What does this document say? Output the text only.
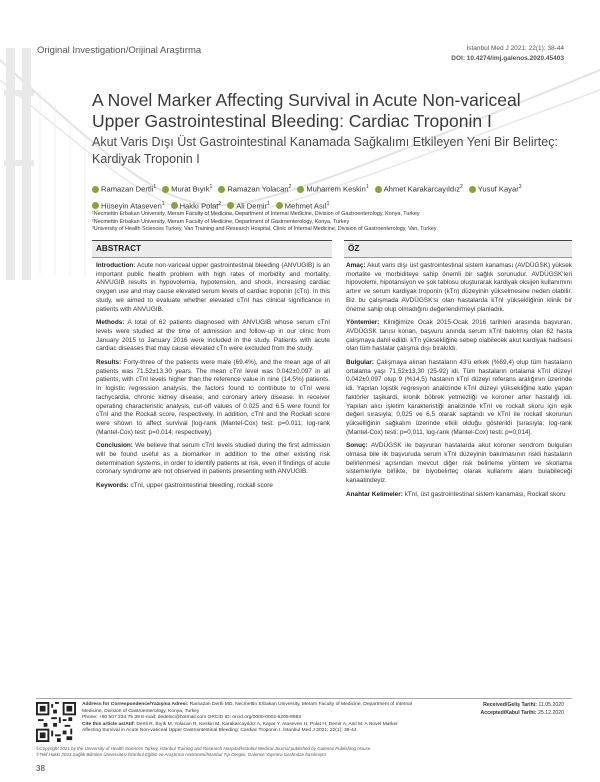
Original Investigation/Orijinal Araştırma	İstanbul Med J 2021; 22(1): 38-44
DOI: 10.4274/imj.galenos.2020.45403
A Novel Marker Affecting Survival in Acute Non-variceal Upper Gastrointestinal Bleeding: Cardiac Troponin I
Akut Varis Dışı Üst Gastrointestinal Kanamada Sağkalımı Etkileyen Yeni Bir Belirteç: Kardiyak Troponin I
Ramazan Dertli$^1$ Murat Bıyık$^1$ Ramazan Yolacan$^2$ Muharrem Keskin$^1$ Ahmet Karakarcayıldız$^2$ Yusuf Kayar$^3$Hüseyin Ataseven$^1$ Hakkı Polat$^2$ Ali Demir$^1$ Mehmet Asıl$^1$
¹Necmettin Erbakan University, Meram Faculty of Medicine, Department of Internal Medicine, Division of Gastroenterology, Konya, Turkey
²Necmettin Erbakan University, Meram Faculty of Medicine, Department of Gastroenterology, Konya, Turkey
³University of Health Sciences Turkey, Van Training and Research Hospital, Clinic of Internal Medicine, Division of Gastroenterology, Van, Turkey
ABSTRACT	ÖZ

Introduction: Acute non-variceal upper gastrointestinal bleeding (ANVUGIB) is an important public health problem with high rates of morbidity and mortality. ANVUGIB results in hypovolemia, hypotension, and shock, increasing cardiac oxygen use and may cause elevated serum levels of cardiac troponin (cTn). In this study, we aimed to evaluate whether elevated cTnI has clinical significance in patients with ANVUGIB.

Methods: A total of 62 patients diagnosed with ANVUGIB whose serum cTnI levels were studied at the time of admission and follow-up in our clinic from January 2015 to January 2016 were included in the study. Patients with acute cardiac diseases that may cause elevated cTn were excluded from the study.

Results: Forty-three of the patients were male (69.4%), and the mean age of all patients was 71.52±13.30 years. The mean cTnI level was 0.042±0.097 in all patients, with cTnI levels higher than the reference value in nine (14.5%) patients. In logistic regression analysis, the factors found to contribute to cTnI were tachycardia, chronic kidney disease, and coronary artery disease. In receiver operating characteristic analysis, cut-off values of 0.025 and 6.5 were found for cTnI and the Rockall score, respectively. In addition, cTnI and the Rockall score were shown to affect survival [log-rank (Mantel-Cox) test: p=0.011; log-rank (Mantel-Cox) test: p=0.014; respectively].

Conclusion: We believe that serum cTnI levels studied during the first admission will be found useful as a biomarker in addition to the other existing risk determination systems, in order to identify patients at risk, even if findings of acute coronary syndrome are not observed in patients presenting with ANVUGIB.

Keywords: cTnI, upper gastrointestinal bleeding, rockall score

Amaç: Akut varis dışı üst gastrointestinal sistem kanaması (AVDÜGSK) yüksek mortalite ve morbiditeye sahip önemli bir sağlık sorunudur. AVDÜGSK'leri hipovolemi, hipotansiyon ve şok tablosu oluşturarak kardiyak oksijen kullanımını artırır ve serum kardiyak troponin (kTn) düzeyinin yükselmesine neden olabilir. Biz bu çalışmada AVDÜGSK'sı olan hastalarda kTnI yüksekliğinin klinik bir öneme sahip olup olmadığını değerlendirmeyi planladık.

Yöntemler: Kliniğimize Ocak 2015-Ocak 2016 tarihleri arasında başvuran, AVDÜGSK tanısı konan, başvuru anında serum kTnI bakılmış olan 62 hasta çalışmaya dahil edildi. kTn yüksekliğine sebep olabilecek akut kardiyak hadisesi olan tüm hastalar çalışma dışı bırakıldı.

Bulgular: Çalışmaya alınan hastaların 43'ü erkek (%69,4) olup tüm hastaların ortalama yaşı 71,52±13,30 (25-92) idi. Tüm hastaların ortalama kTnI düzeyi 0,042±0,097 olup 9 (%14,5) hastanın kTnI düzeyi referans aralığının üzerinde idi. Yapılan lojistik regresyon analizinde kTnI düzeyi yüksekliğine katkı yapan faktörler taşikardi, kronik böbrek yetmezliği ve koroner arter hastalığı idi. Yapılan alıcı işletim karakteristiği analizinde kTnI ve rockall skoru için eşik değeri sırasıyla; 0,025 ve 6,5 olarak saptandı ve kTnI ile rockall skorunun yükselliğinin sağkalım üzerinde etkili olduğu gösterildi [sırasıyla; log-rank (Mantel-Cox) testi: p=0,011, log-rank (Mantel-Cox) testi: p=0,014].

Sonuç: AVDÜGSK ile başvuran hastalarda akut koroner sendrom bulguları olmasa bile ilk başvuruda serum kTnI düzeyinin bakılmasının riskli hastaların belirlenmesi açısından mevcut diğer risk belirleme yöntem ve skorlama sistemleriyle birlikte, bir biyobelirteç olarak kullanımı alanı bulabileceği kanaatindeyiz.

Anahtar Kelimeler: kTnI, üst gastrointestinal sistem kanaması, Rockall skoru

Address for Correspondence/Yazışma Adresi: Ramazan Dertli MD, Necmettin Erbakan University, Meram Faculty of Medicine, Department of Internal Medicine, Division of Gastroenterology, Konya, Turkey
Phone: +90 507 234 75 39 E-mail: dedeloc@hotmail.com ORCID ID: orcid.org/0000-0002-6205-8983
Cite this article as/Atıf: Dertli R, Bıyık M, Yolacan R, Keskin M, Karakarcayıldız A, Kayar Y, Ataseven H, Polat H, Demir A, Asıl M. A Novel Marker Affecting Survival in Acute Non-variceal Upper Gastrointestinal Bleeding: Cardiac Troponin I. İstanbul Med J 2021; 22(1): 38-44.
Received/Geliş Tarihi: 11.05.2020
Accepted/Kabul Tarihi: 25.12.2020
©Copyright 2021 by the University of Health Sciences Turkey, İstanbul Training and Research Hospital/İstanbul Medical Journal published by Galenos Publishing House.
©Telif Hakkı 2021 Sağlık Bilimleri Üniversitesi İstanbul Eğitim ve Araştırma Hastanesi/İstanbul Tıp Dergisi, Galenos Yayınevi tarafından basılmıştır.
38
